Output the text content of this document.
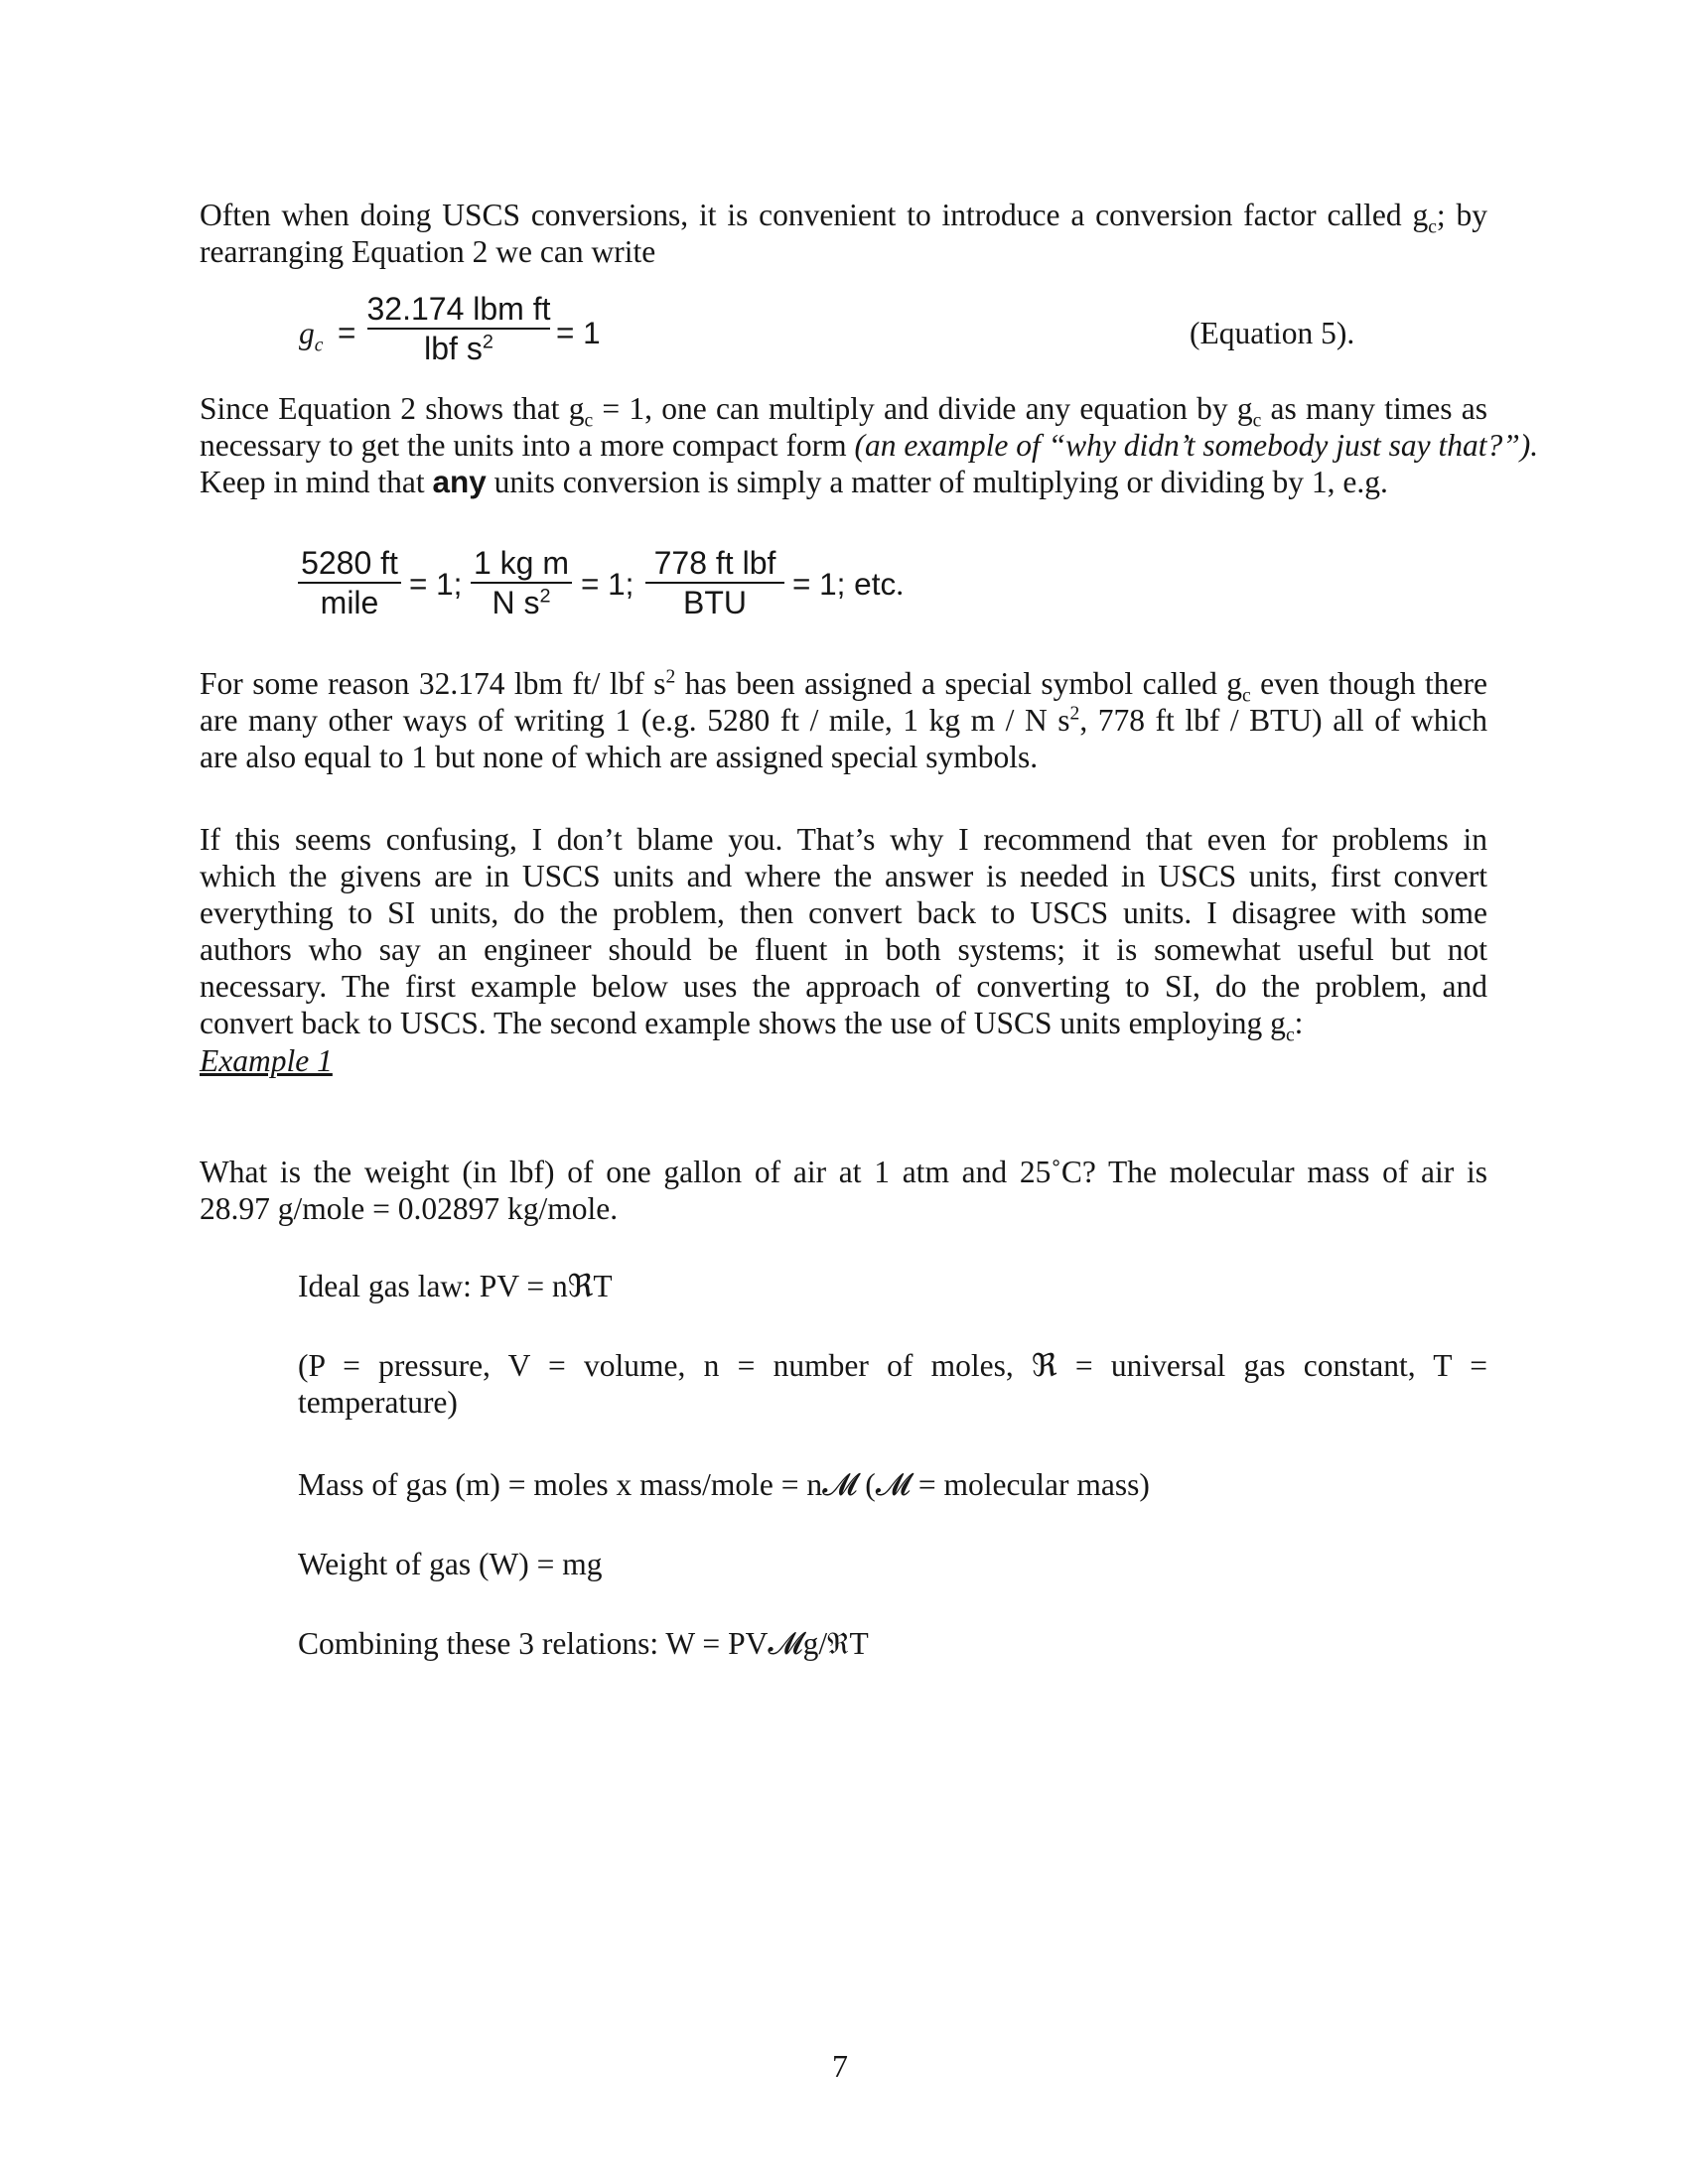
Often when doing USCS conversions, it is convenient to introduce a conversion factor called $g_c$; by
rearranging Equation 2 we can write
$g_c$ =
32.174 lbm ft
lbf $s^2 = 1$	(Equation 5).
Since Equation 2 shows that $g_c = 1$, one can multiply and divide any equation by $g_c$ as many times as
necessary to get the units into a more compact form (an example of “why didn’t somebody just say that?”).
Keep in mind that any units conversion is simply a matter of multiplying or dividing by 1, e.g.
5280 ft
mile
= 1;
1 kg m
N $s^2 = 1$;
778 ft lbf
BTU
= 1; etc.
For some reason 32.174 lbm ft/ lbf $s^2$ has been assigned a special symbol called $g_c$ even though there
are many other ways of writing 1 (e.g. 5280 ft / mile, 1 kg m / N $s^2$, 778 ft lbf / BTU) all of which
are also equal to 1 but none of which are assigned special symbols.
If this seems confusing, I don’t blame you. That’s why I recommend that even for problems in
which the givens are in USCS units and where the answer is needed in USCS units, first convert
everything to SI units, do the problem, then convert back to USCS units. I disagree with some
authors who say an engineer should be fluent in both systems; it is somewhat useful but not
necessary. The first example below uses the approach of converting to SI, do the problem, and
convert back to USCS. The second example shows the use of USCS units employing $g_c$:
Example 1
What is the weight (in lbf) of one gallon of air at 1 atm and 25˚C? The molecular mass of air is
28.97 g/mole = 0.02897 kg/mole.
Ideal gas law: PV = nℜT
(P = pressure, V = volume, n = number of moles, ℜ = universal gas constant, T =
temperature)
Mass of gas (m) = moles x mass/mole = n𝓜 (𝓜 = molecular mass)
Weight of gas (W) = mg
Combining these 3 relations: W = PV𝓜g/ℜT
7
